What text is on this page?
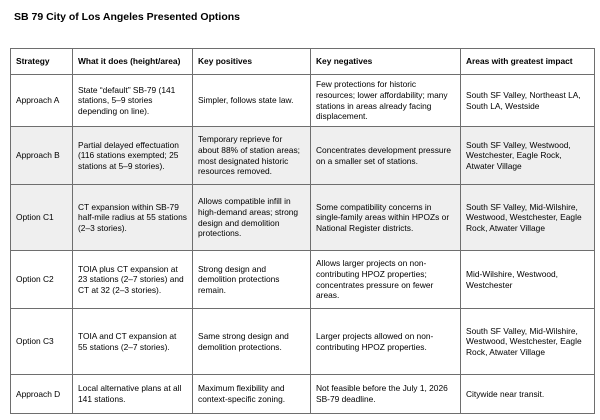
SB 79 City of Los Angeles Presented Options
Strategy	What it does (height/area)	Key positives	Key negatives	Areas with greatest impact
Approach A	State “default” SB-79 (141 stations, 5–9 stories depending on line).	Simpler, follows state law.	Few protections for historic resources; lower affordability; many stations in areas already facing displacement.	South SF Valley, Northeast LA, South LA, Westside
Approach B	Partial delayed effectuation (116 stations exempted; 25 stations at 5–9 stories).	Temporary reprieve for about 88% of station areas; most designated historic resources removed.	Concentrates development pressure on a smaller set of stations.	South SF Valley, Westwood, Westchester, Eagle Rock, Atwater Village
Option C1	CT expansion within SB-79 half-mile radius at 55 stations (2–3 stories).	Allows compatible infill in high-demand areas; strong design and demolition protections.	Some compatibility concerns in single-family areas within HPOZs or National Register districts.	South SF Valley, Mid-Wilshire, Westwood, Westchester, Eagle Rock, Atwater Village
Option C2	TOIA plus CT expansion at 23 stations (2–7 stories) and CT at 32 (2–3 stories).	Strong design and demolition protections remain.	Allows larger projects on non-contributing HPOZ properties; concentrates pressure on fewer areas.	Mid-Wilshire, Westwood, Westchester
Option C3	TOIA and CT expansion at 55 stations (2–7 stories).	Same strong design and demolition protections.	Larger projects allowed on non-contributing HPOZ properties.	South SF Valley, Mid-Wilshire, Westwood, Westchester, Eagle Rock, Atwater Village
Approach D	Local alternative plans at all 141 stations.	Maximum flexibility and context-specific zoning.	Not feasible before the July 1, 2026 SB-79 deadline.	Citywide near transit.
